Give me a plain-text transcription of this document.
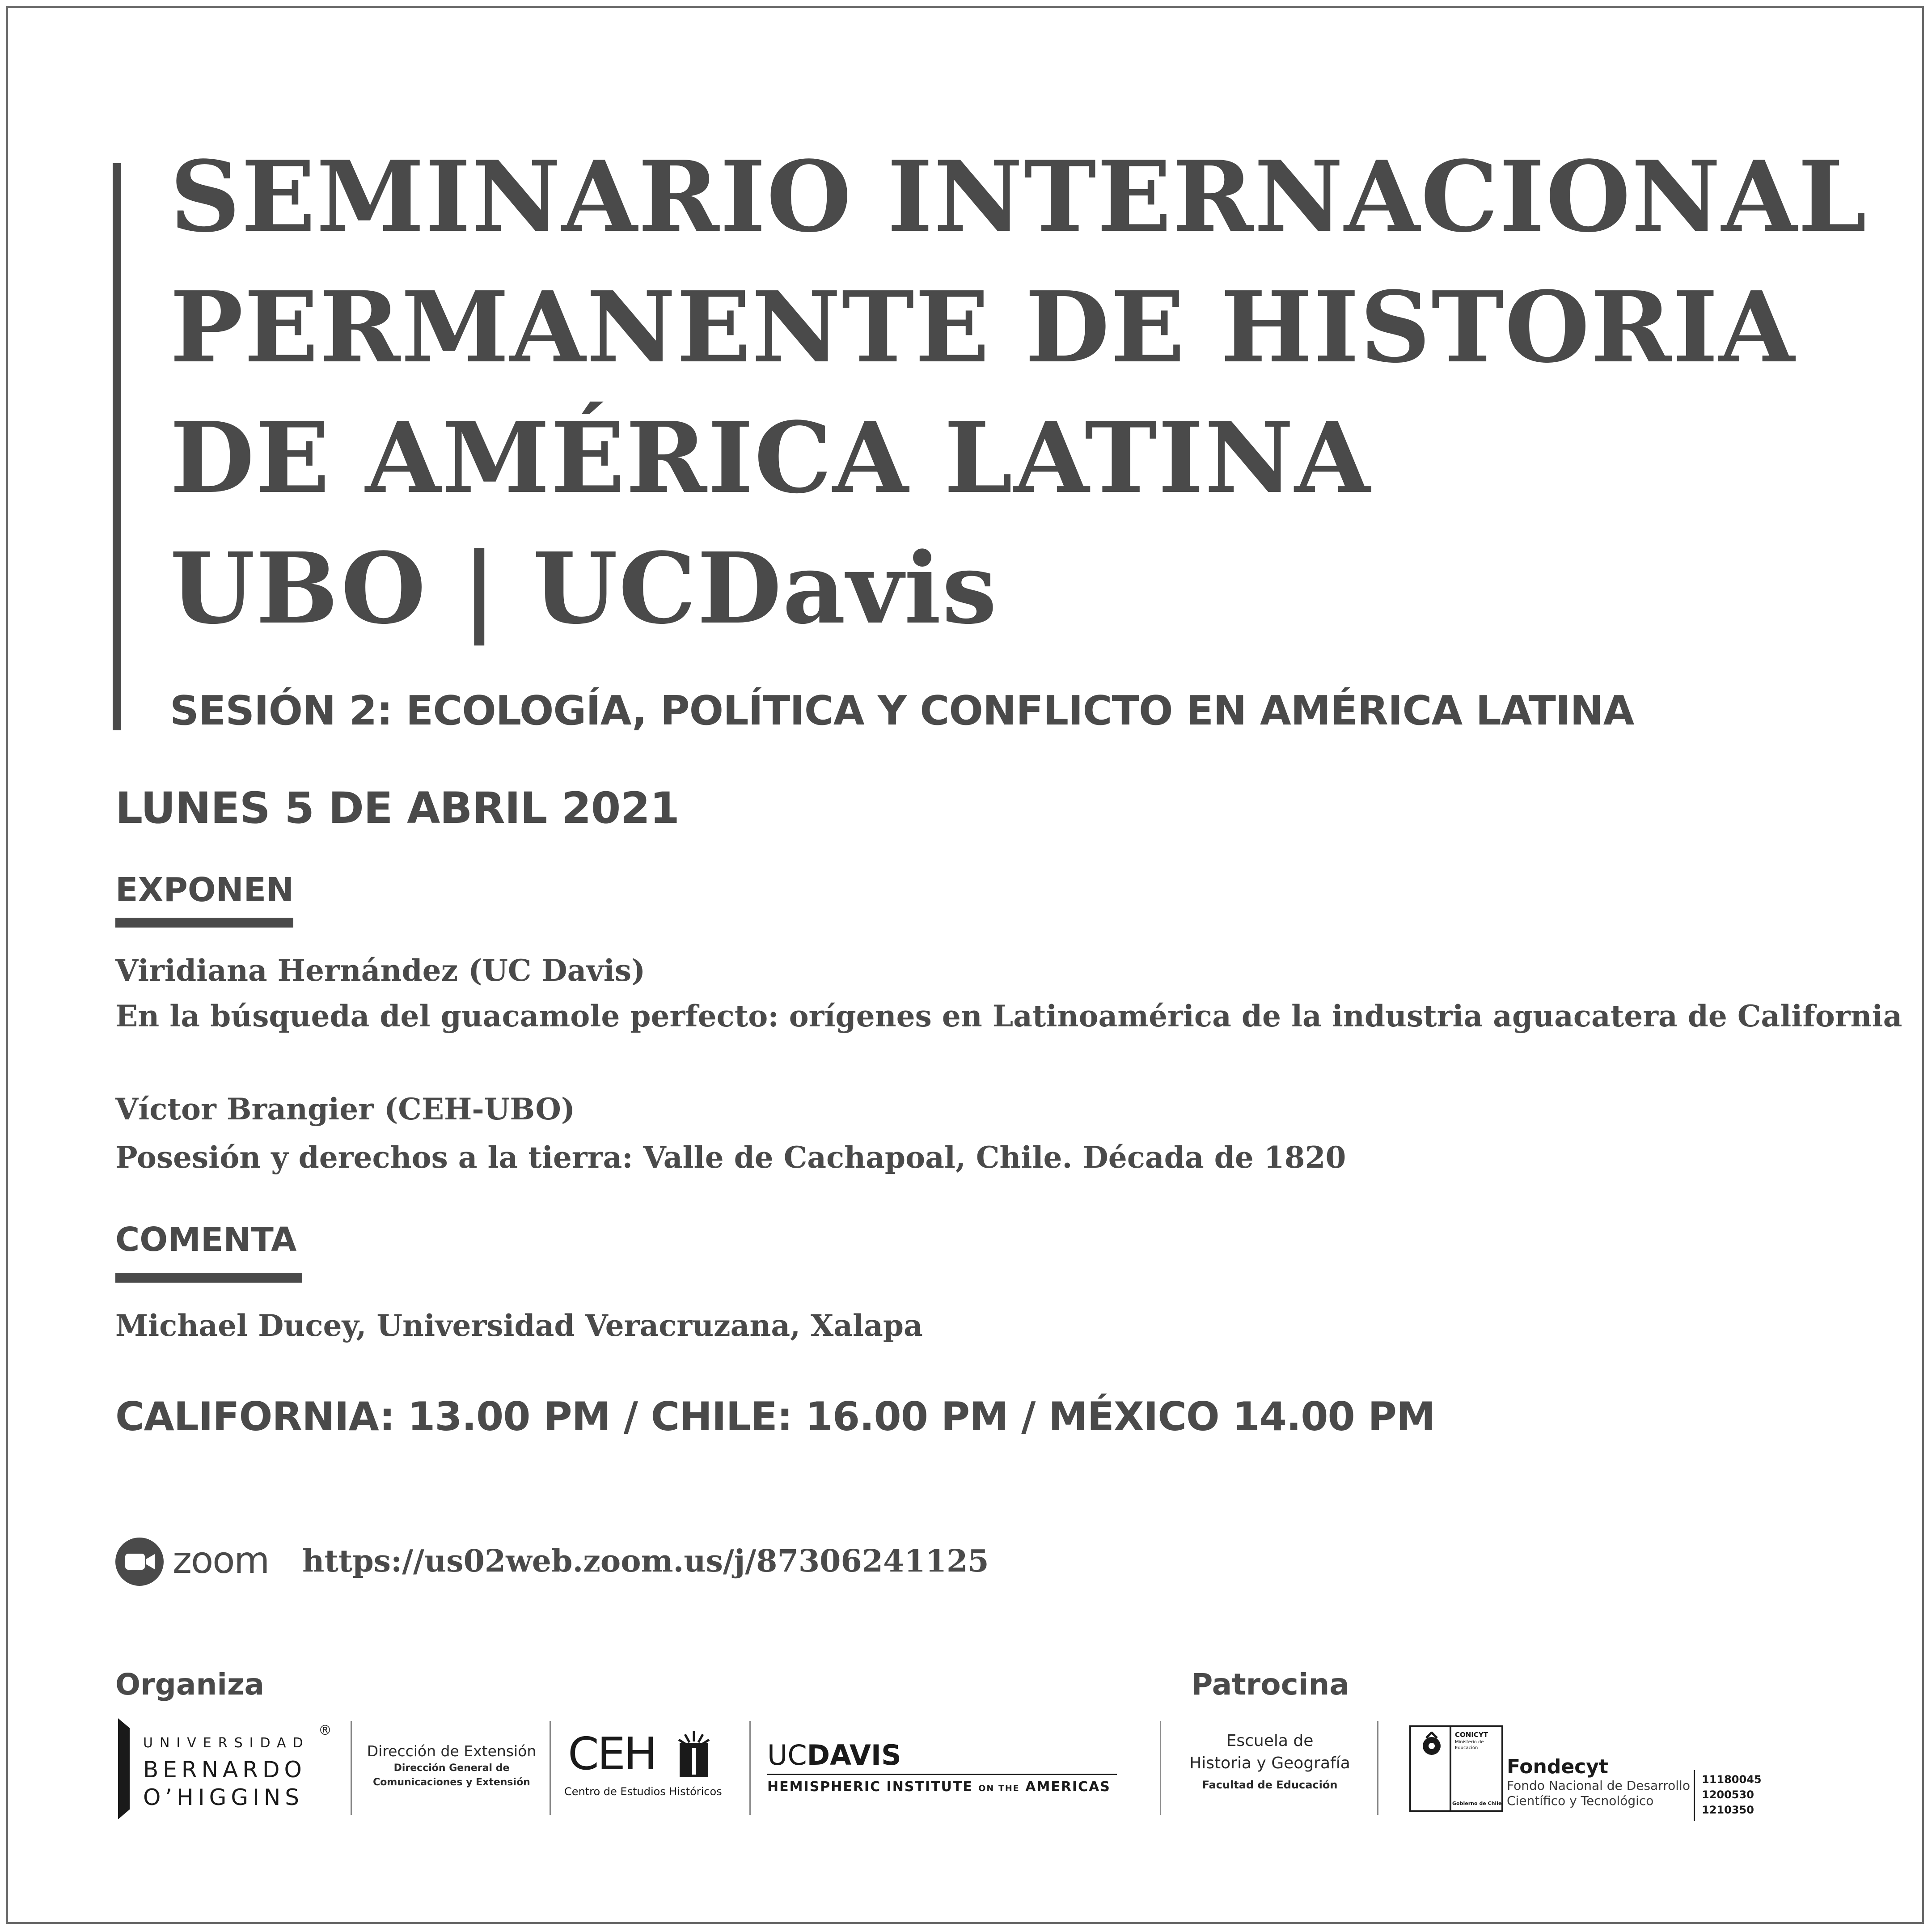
SEMINARIO INTERNACIONAL
PERMANENTE DE HISTORIA
DE AMÉRICA LATINA
UBO | UCDavis
SESIÓN 2: ECOLOGÍA, POLÍTICA Y CONFLICTO EN AMÉRICA LATINA
LUNES 5 DE ABRIL 2021
EXPONEN
Viridiana Hernández (UC Davis)
En la búsqueda del guacamole perfecto: orígenes en Latinoamérica de la industria aguacatera de California
Víctor Brangier (CEH-UBO)
Posesión y derechos a la tierra: Valle de Cachapoal, Chile. Década de 1820
COMENTA
Michael Ducey, Universidad Veracruzana, Xalapa
CALIFORNIA: 13.00 PM / CHILE: 16.00 PM / MÉXICO 14.00 PM
zoom https://us02web.zoom.us/j/87306241125
Organiza	Patrocina
UNIVERSIDAD
BERNARDO
O’HIGGINS
®
Dirección de Extensión
Dirección General de
Comunicaciones y Extensión
CEH
Centro de Estudios Históricos
UCDAVIS
HEMISPHERIC INSTITUTE ON THE AMERICAS
Escuela de
Historia y Geografía
Facultad de Educación
CONICYT
Ministerio de
Educación
Gobierno de Chile
Fondecyt
Fondo Nacional de Desarrollo
Científico y Tecnológico
11180045
1200530
1210350
